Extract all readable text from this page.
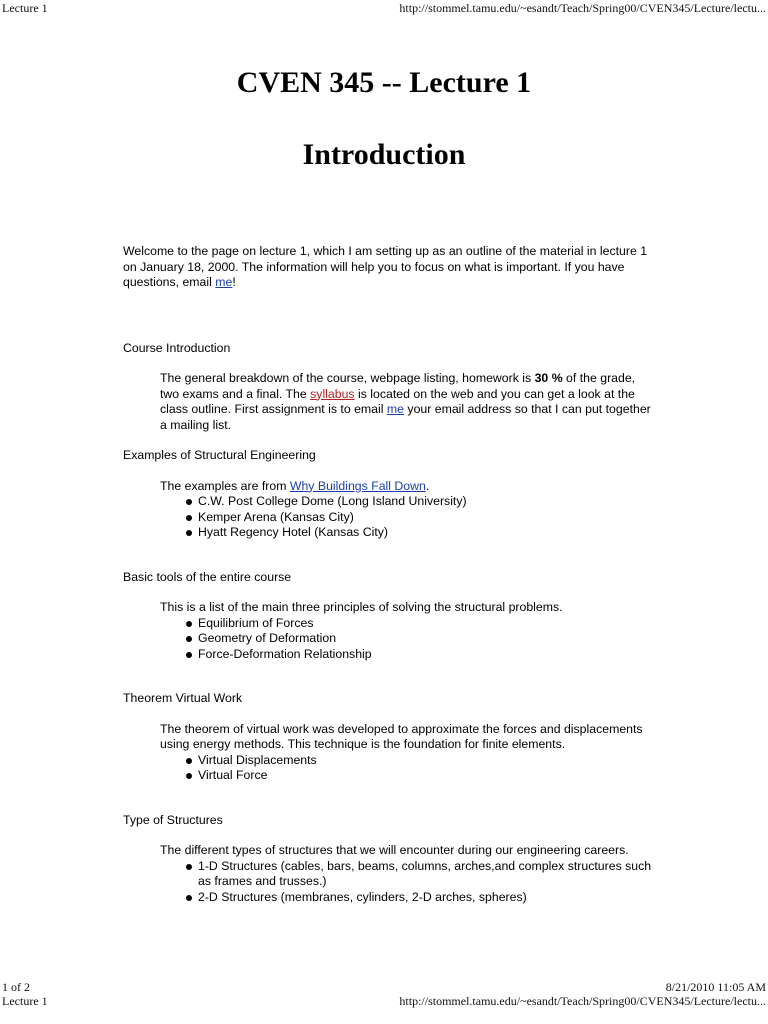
Lecture 1	http://stommel.tamu.edu/~esandt/Teach/Spring00/CVEN345/Lecture/lectu...
CVEN 345 -- Lecture 1
Introduction

Welcome to the page on lecture 1, which I am setting up as an outline of the material in lecture 1 on January 18, 2000. The information will help you to focus on what is important. If you have questions, email me!

Course Introduction

The general breakdown of the course, webpage listing, homework is 30 % of the grade, two exams and a final. The syllabus is located on the web and you can get a look at the class outline. First assignment is to email me your email address so that I can put together a mailing list.

Examples of Structural Engineering

The examples are from Why Buildings Fall Down.

C.W. Post College Dome (Long Island University)
Kemper Arena (Kansas City)
Hyatt Regency Hotel (Kansas City)

Basic tools of the entire course

This is a list of the main three principles of solving the structural problems.

Equilibrium of Forces
Geometry of Deformation
Force-Deformation Relationship

Theorem Virtual Work

The theorem of virtual work was developed to approximate the forces and displacements using energy methods. This technique is the foundation for finite elements.

Virtual Displacements
Virtual Force

Type of Structures

The different types of structures that we will encounter during our engineering careers.

1-D Structures (cables, bars, beams, columns, arches,and complex structures such as frames and trusses.)
2-D Structures (membranes, cylinders, 2-D arches, spheres)
1 of 2	8/21/2010 11:05 AM
Lecture 1	http://stommel.tamu.edu/~esandt/Teach/Spring00/CVEN345/Lecture/lectu...
